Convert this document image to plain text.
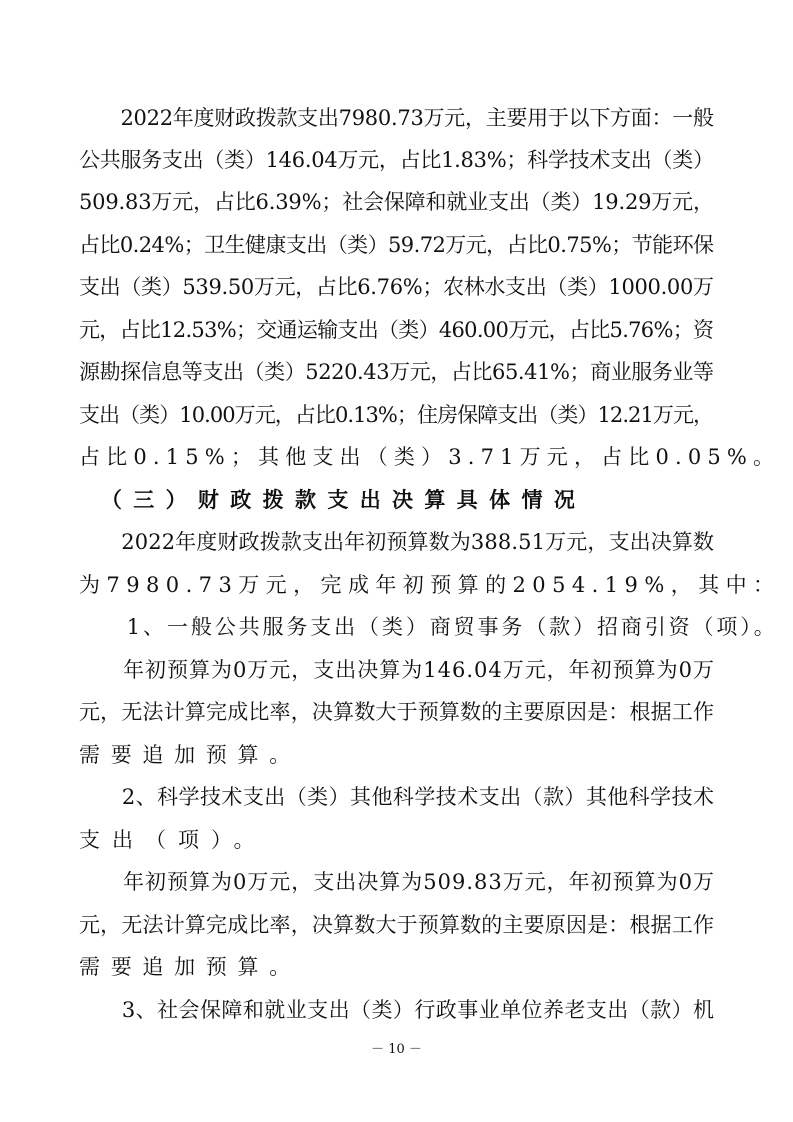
　　2022年度财政拨款支出7980.73万元，主要用于以下方面：一般
公共服务支出（类）146.04万元，占比1.83%；科学技术支出（类）
509.83万元，占比6.39%；社会保障和就业支出（类）19.29万元，
占比0.24%；卫生健康支出（类）59.72万元，占比0.75%；节能环保
支出（类）539.50万元，占比6.76%；农林水支出（类）1000.00万
元，占比12.53%；交通运输支出（类）460.00万元，占比5.76%；资
源勘探信息等支出（类）5220.43万元，占比65.41%；商业服务业等
支出（类）10.00万元，占比0.13%；住房保障支出（类）12.21万元，
占比0.15%；其他支出（类）3.71万元，占比0.05%。
　（三）财政拨款支出决算具体情况
　　2022年度财政拨款支出年初预算数为388.51万元，支出决算数
为7980.73万元，完成年初预算的2054.19%，其中：
　　1、一般公共服务支出（类）商贸事务（款）招商引资（项）。
　　年初预算为0万元，支出决算为146.04万元，年初预算为0万
元，无法计算完成比率，决算数大于预算数的主要原因是：根据工作
需要追加预算。
　　2、科学技术支出（类）其他科学技术支出（款）其他科学技术
支出（项）。
　　年初预算为0万元，支出决算为509.83万元，年初预算为0万
元，无法计算完成比率，决算数大于预算数的主要原因是：根据工作
需要追加预算。
　　3、社会保障和就业支出（类）行政事业单位养老支出（款）机
－ 10 －
